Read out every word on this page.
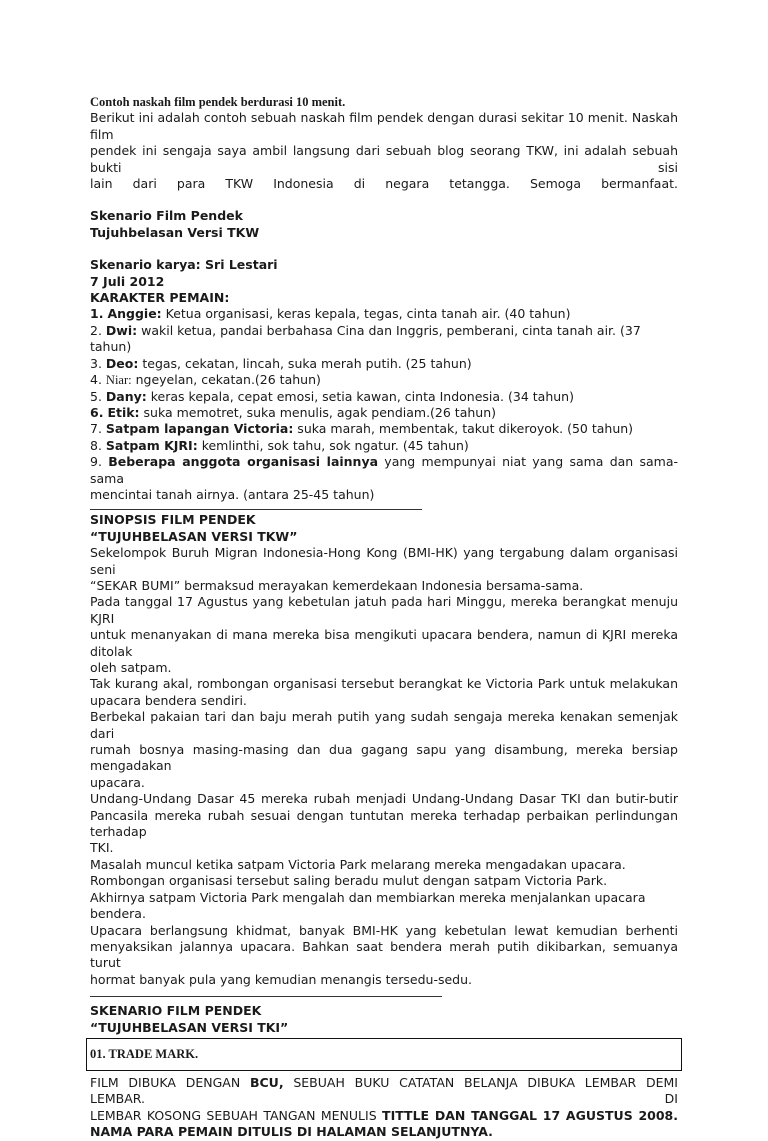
Contoh naskah film pendek berdurasi 10 menit.

Berikut ini adalah contoh sebuah naskah film pendek dengan durasi sekitar 10 menit. Naskah film

pendek ini sengaja saya ambil langsung dari sebuah blog seorang TKW, ini adalah sebuah bukti sisi

lain dari para TKW Indonesia di negara tetangga. Semoga bermanfaat.

Skenario Film Pendek

Tujuhbelasan Versi TKW

Skenario karya: Sri Lestari

7 Juli 2012

KARAKTER PEMAIN:

1. Anggie: Ketua organisasi, keras kepala, tegas, cinta tanah air. (40 tahun)

2. Dwi: wakil ketua, pandai berbahasa Cina dan Inggris, pemberani, cinta tanah air. (37 tahun)

3. Deo: tegas, cekatan, lincah, suka merah putih. (25 tahun)

4. Niar: ngeyelan, cekatan.(26 tahun)

5. Dany: keras kepala, cepat emosi, setia kawan, cinta Indonesia. (34 tahun)

6. Etik: suka memotret, suka menulis, agak pendiam.(26 tahun)

7. Satpam lapangan Victoria: suka marah, membentak, takut dikeroyok. (50 tahun)

8. Satpam KJRI: kemlinthi, sok tahu, sok ngatur. (45 tahun)

9. Beberapa anggota organisasi lainnya yang mempunyai niat yang sama dan sama-sama

mencintai tanah airnya. (antara 25-45 tahun)

SINOPSIS FILM PENDEK

“TUJUHBELASAN VERSI TKW”

Sekelompok Buruh Migran Indonesia-Hong Kong (BMI-HK) yang tergabung dalam organisasi seni

“SEKAR BUMI” bermaksud merayakan kemerdekaan Indonesia bersama-sama.

Pada tanggal 17 Agustus yang kebetulan jatuh pada hari Minggu, mereka berangkat menuju KJRI

untuk menanyakan di mana mereka bisa mengikuti upacara bendera, namun di KJRI mereka ditolak

oleh satpam.

Tak kurang akal, rombongan organisasi tersebut berangkat ke Victoria Park untuk melakukan

upacara bendera sendiri.

Berbekal pakaian tari dan baju merah putih yang sudah sengaja mereka kenakan semenjak dari

rumah bosnya masing-masing dan dua gagang sapu yang disambung, mereka bersiap mengadakan

upacara.

Undang-Undang Dasar 45 mereka rubah menjadi Undang-Undang Dasar TKI dan butir-butir

Pancasila mereka rubah sesuai dengan tuntutan mereka terhadap perbaikan perlindungan terhadap

TKI.

Masalah muncul ketika satpam Victoria Park melarang mereka mengadakan upacara.

Rombongan organisasi tersebut saling beradu mulut dengan satpam Victoria Park.

Akhirnya satpam Victoria Park mengalah dan membiarkan mereka menjalankan upacara bendera.

Upacara berlangsung khidmat, banyak BMI-HK yang kebetulan lewat kemudian berhenti

menyaksikan jalannya upacara. Bahkan saat bendera merah putih dikibarkan, semuanya turut

hormat banyak pula yang kemudian menangis tersedu-sedu.

SKENARIO FILM PENDEK

“TUJUHBELASAN VERSI TKI”

01. TRADE MARK.

FILM DIBUKA DENGAN BCU, SEBUAH BUKU CATATAN BELANJA DIBUKA LEMBAR DEMI LEMBAR. DI

LEMBAR KOSONG SEBUAH TANGAN MENULIS TITTLE DAN TANGGAL 17 AGUSTUS 2008.

NAMA PARA PEMAIN DITULIS DI HALAMAN SELANJUTNYA.
